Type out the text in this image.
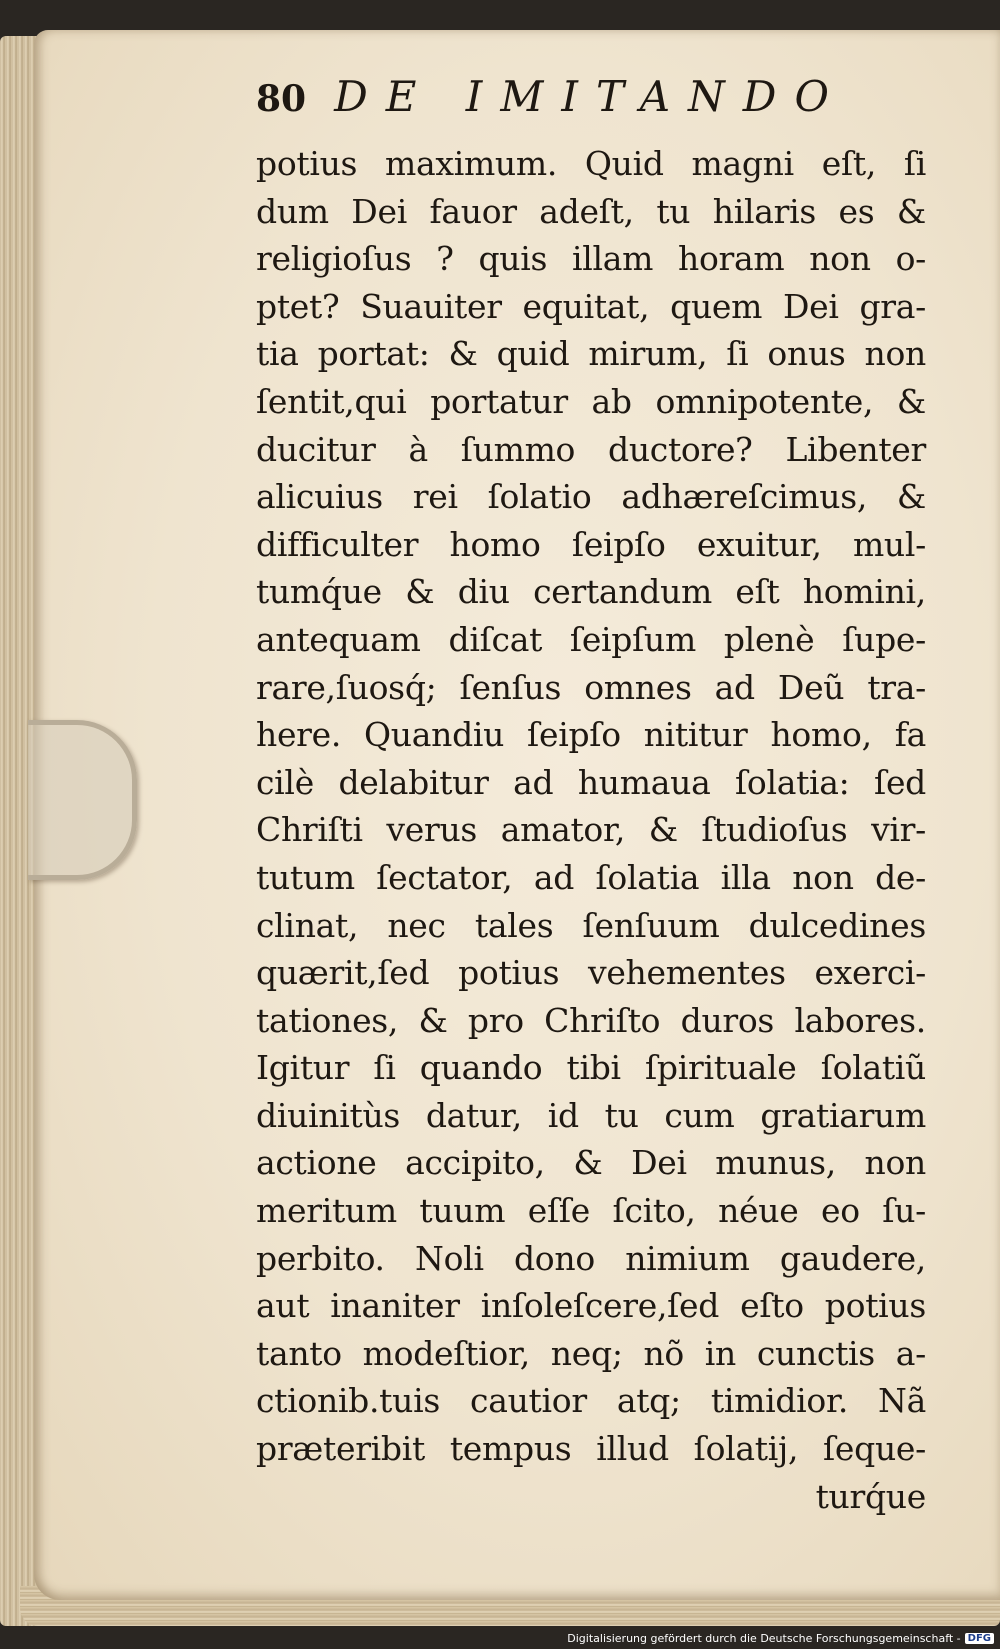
80 DE IMITANDO
potius maximum. Quid magni eſt, ſi
dum Dei fauor adeſt, tu hilaris es &
religioſus ? quis illam horam non o-
ptet? Suauiter equitat, quem Dei gra-
tia portat: & quid mirum, ſi onus non
ſentit,qui portatur ab omnipotente, &
ducitur à ſummo ductore? Libenter
alicuius rei ſolatio adhæreſcimus, &
difficulter homo ſeipſo exuitur, mul-
tumq́ue & diu certandum eſt homini,
antequam diſcat ſeipſum plenè ſupe-
rare,ſuosq́; ſenſus omnes ad Deũ tra-
here. Quandiu ſeipſo nititur homo, fa
cilè delabitur ad humaua ſolatia: ſed
Chriſti verus amator, & ſtudioſus vir-
tutum ſectator, ad ſolatia illa non de-
clinat, nec tales ſenſuum dulcedines
quærit,ſed potius vehementes exerci-
tationes, & pro Chriſto duros labores.
Igitur ſi quando tibi ſpirituale ſolatiũ
diuinitùs datur, id tu cum gratiarum
actione accipito, & Dei munus, non
meritum tuum eſſe ſcito, néue eo ſu-
perbito. Noli dono nimium gaudere,
aut inaniter inſoleſcere,ſed eſto potius
tanto modeſtior, neq; nõ in cunctis a-
ctionib.tuis cautior atq; timidior. Nã
præteribit tempus illud ſolatij, ſeque-
turq́ue
Digitalisierung gefördert durch die Deutsche Forschungsgemeinschaft - DFG
